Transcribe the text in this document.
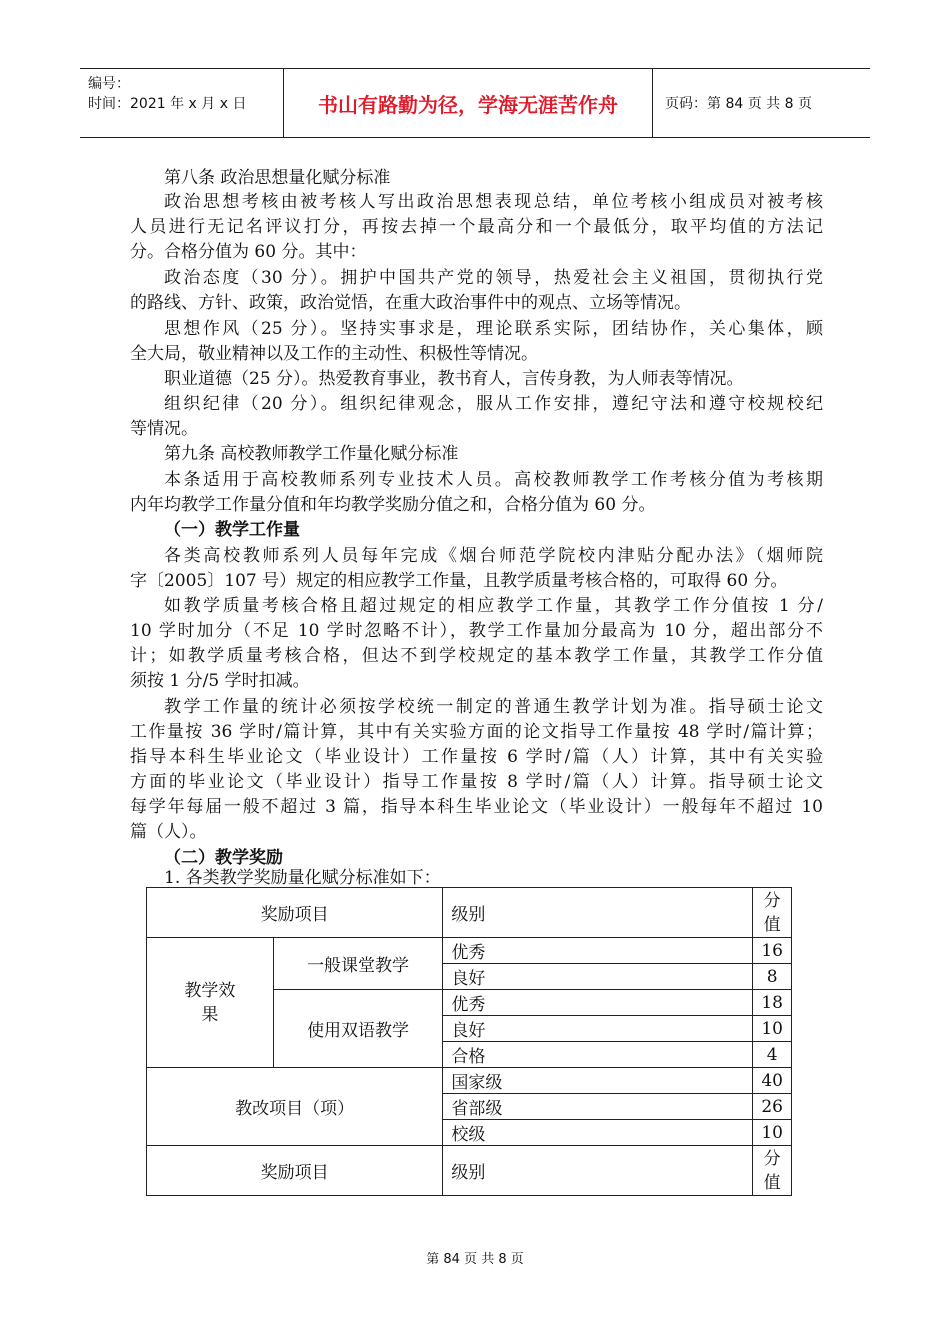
编号：
时间：2021 年 x 月 x 日	书山有路勤为径，学海无涯苦作舟	页码：第 84 页 共 8 页
第八条 政治思想量化赋分标准
政治思想考核由被考核人写出政治思想表现总结，单位考核小组成员对被考核
人员进行无记名评议打分，再按去掉一个最高分和一个最低分，取平均值的方法记
分。合格分值为 60 分。其中：
政治态度（30 分）。拥护中国共产党的领导，热爱社会主义祖国，贯彻执行党
的路线、方针、政策，政治觉悟，在重大政治事件中的观点、立场等情况。
思想作风（25 分）。坚持实事求是，理论联系实际，团结协作，关心集体，顾
全大局，敬业精神以及工作的主动性、积极性等情况。
职业道德（25 分）。热爱教育事业，教书育人，言传身教，为人师表等情况。
组织纪律（20 分）。组织纪律观念，服从工作安排，遵纪守法和遵守校规校纪
等情况。
第九条 高校教师教学工作量化赋分标准
本条适用于高校教师系列专业技术人员。高校教师教学工作考核分值为考核期
内年均教学工作量分值和年均教学奖励分值之和，合格分值为 60 分。
（一）教学工作量
各类高校教师系列人员每年完成《烟台师范学院校内津贴分配办法》（烟师院
字〔2005〕107 号）规定的相应教学工作量，且教学质量考核合格的，可取得 60 分。
如教学质量考核合格且超过规定的相应教学工作量，其教学工作分值按 1 分/
10 学时加分（不足 10 学时忽略不计），教学工作量加分最高为 10 分，超出部分不
计；如教学质量考核合格，但达不到学校规定的基本教学工作量，其教学工作分值
须按 1 分/5 学时扣减。
教学工作量的统计必须按学校统一制定的普通生教学计划为准。指导硕士论文
工作量按 36 学时/篇计算，其中有关实验方面的论文指导工作量按 48 学时/篇计算；
指导本科生毕业论文（毕业设计）工作量按 6 学时/篇（人）计算，其中有关实验
方面的毕业论文（毕业设计）指导工作量按 8 学时/篇（人）计算。指导硕士论文
每学年每届一般不超过 3 篇，指导本科生毕业论文（毕业设计）一般每年不超过 10
篇（人）。
（二）教学奖励
1. 各类教学奖励量化赋分标准如下：
奖励项目		级别	分值
教学效果	一般课堂教学	优秀	16
		良好	8
	使用双语教学	优秀	18
		良好	10
		合格	4
教改项目（项）		国家级	40
		省部级	26
		校级	10
奖励项目		级别	分值
第 84 页 共 8 页
